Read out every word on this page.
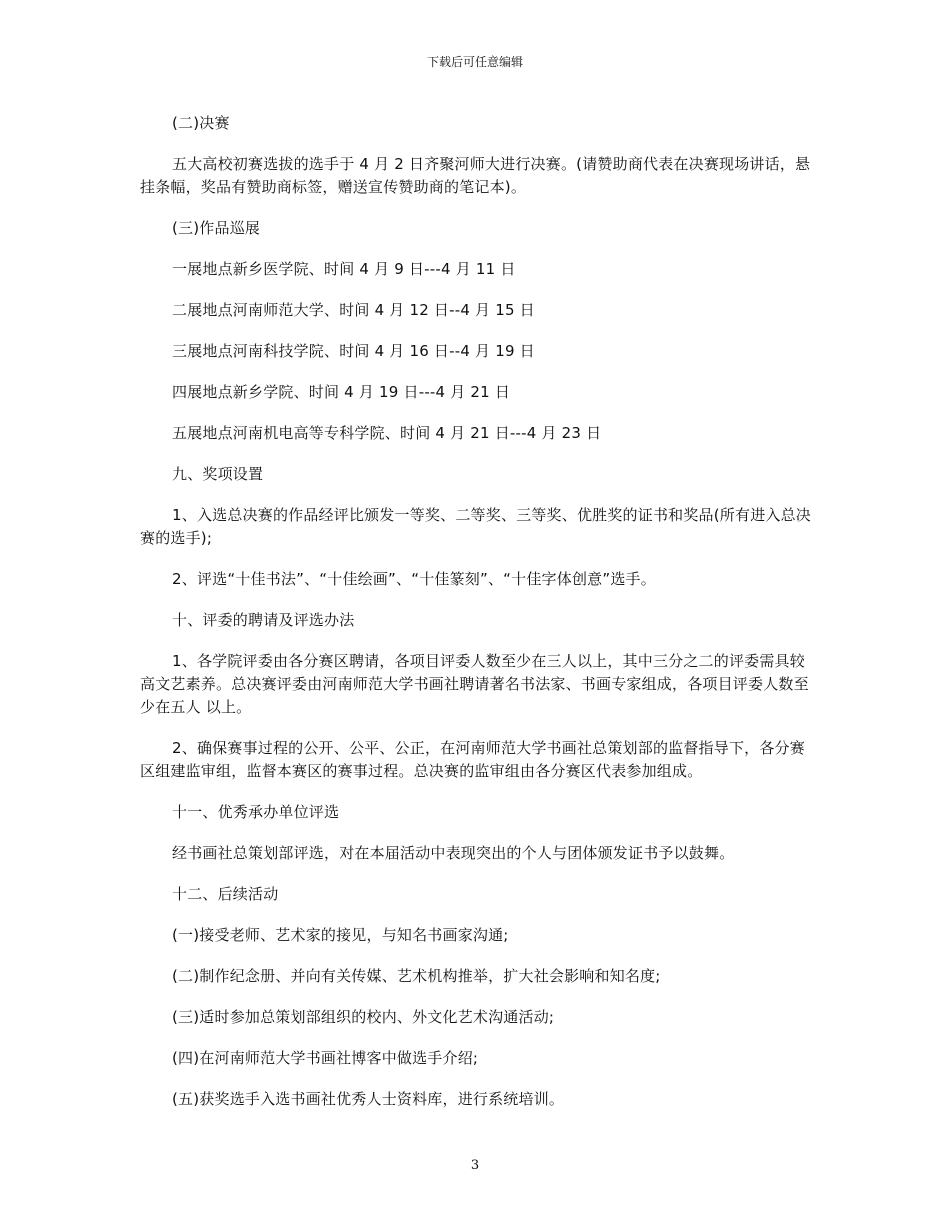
下载后可任意编辑

(二)决赛

五大高校初赛选拔的选手于 4 月 2 日齐聚河师大进行决赛。(请赞助商代表在决赛现场讲话，悬挂条幅，奖品有赞助商标签，赠送宣传赞助商的笔记本)。

(三)作品巡展

一展地点新乡医学院、时间 4 月 9 日---4 月 11 日

二展地点河南师范大学、时间 4 月 12 日--4 月 15 日

三展地点河南科技学院、时间 4 月 16 日--4 月 19 日

四展地点新乡学院、时间 4 月 19 日---4 月 21 日

五展地点河南机电高等专科学院、时间 4 月 21 日---4 月 23 日

九、奖项设置

1、入选总决赛的作品经评比颁发一等奖、二等奖、三等奖、优胜奖的证书和奖品(所有进入总决赛的选手);

2、评选“十佳书法”、“十佳绘画”、“十佳篆刻”、“十佳字体创意”选手。

十、评委的聘请及评选办法

1、各学院评委由各分赛区聘请，各项目评委人数至少在三人以上，其中三分之二的评委需具较高文艺素养。总决赛评委由河南师范大学书画社聘请著名书法家、书画专家组成，各项目评委人数至少在五人 以上。

2、确保赛事过程的公开、公平、公正，在河南师范大学书画社总策划部的监督指导下，各分赛区组建监审组，监督本赛区的赛事过程。总决赛的监审组由各分赛区代表参加组成。

十一、优秀承办单位评选

经书画社总策划部评选，对在本届活动中表现突出的个人与团体颁发证书予以鼓舞。

十二、后续活动

(一)接受老师、艺术家的接见，与知名书画家沟通;

(二)制作纪念册、并向有关传媒、艺术机构推举，扩大社会影响和知名度;

(三)适时参加总策划部组织的校内、外文化艺术沟通活动;

(四)在河南师范大学书画社博客中做选手介绍;

(五)获奖选手入选书画社优秀人士资料库，进行系统培训。

3
